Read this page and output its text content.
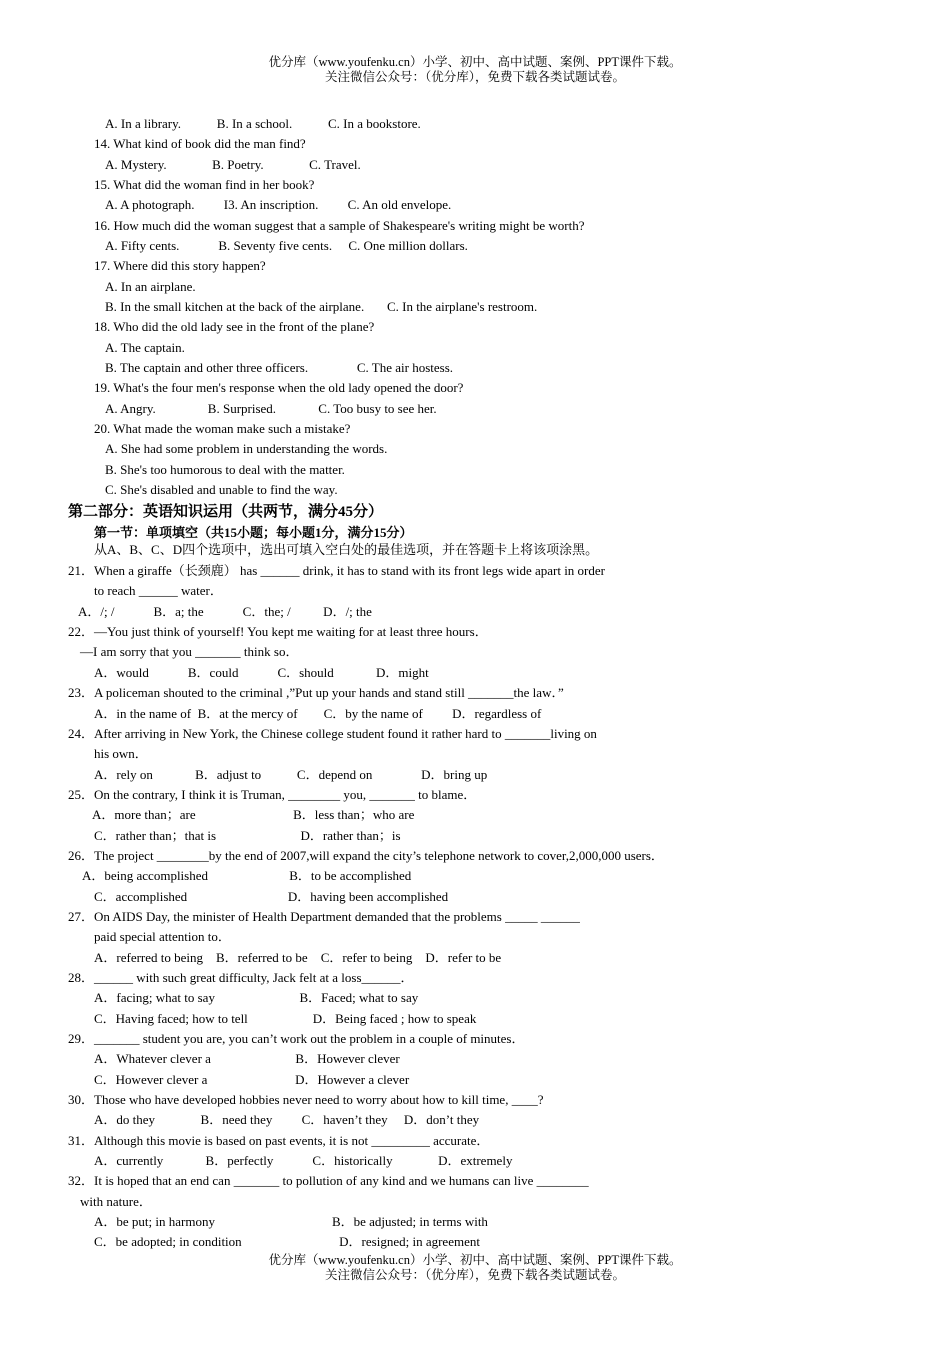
优分库（www.youfenku.cn）小学、初中、高中试题、案例、PPT课件下载。
关注微信公众号：（优分库），免费下载各类试题试卷。
A. In a library.           B. In a school.           C. In a bookstore.
14. What kind of book did the man find?
A. Mystery.              B. Poetry.              C. Travel.
15. What did the woman find in her book?
A. A photograph.         I3. An inscription.         C. An old envelope.
16. How much did the woman suggest that a sample of Shakespeare's writing might be worth?
A. Fifty cents.            B. Seventy five cents.     C. One million dollars.
17. Where did this story happen?
A. In an airplane.
B. In the small kitchen at the back of the airplane.       C. In the airplane's restroom.
18. Who did the old lady see in the front of the plane?
A. The captain.
B. The captain and other three officers.               C. The air hostess.
19. What's the four men's response when the old lady opened the door?
A. Angry.                B. Surprised.             C. Too busy to see her.
20. What made the woman make such a mistake?
A. She had some problem in understanding the words.
B. She's too humorous to deal with the matter.
C. She's disabled and unable to find the way.
第二部分：英语知识运用（共两节，满分45分）
第一节：单项填空（共15小题；每小题1分，满分15分）
从A、B、C、D四个选项中，选出可填入空白处的最佳选项，并在答题卡上将该项涂黑。
21．When a giraffe（长颈鹿） has ______ drink, it has to stand with its front legs wide apart in order
to reach ______ water．
A．/; /            B．a; the            C．the; /          D．/; the
22．—You just think of yourself! You kept me waiting for at least three hours．
—I am sorry that you _______ think so．
A．would            B．could            C．should             D．might
23．A policeman shouted to the criminal ,”Put up your hands and stand still _______the law．”
A．in the name of  B．at the mercy of        C．by the name of         D．regardless of
24．After arriving in New York, the Chinese college student found it rather hard to _______living on
his own．
A．rely on             B．adjust to           C．depend on               D．bring up
25．On the contrary, I think it is Truman, ________ you, _______ to blame．
A．more than；are                              B．less than；who are
C．rather than；that is                          D．rather than；is
26．The project ________by the end of 2007,will expand the city’s telephone network to cover,2,000,000 users．
A．being accomplished                         B．to be accomplished
C．accomplished                               D．having been accomplished
27．On AIDS Day, the minister of Health Department demanded that the problems _____ ______
paid special attention to．
A．referred to being    B．referred to be    C．refer to being    D．refer to be
28．______ with such great difficulty, Jack felt at a loss______．
A．facing; what to say                          B．Faced; what to say
C．Having faced; how to tell                    D．Being faced ; how to speak
29．_______ student you are, you can’t work out the problem in a couple of minutes．
A．Whatever clever a                          B．However clever
C．However clever a                           D．However a clever
30．Those who have developed hobbies never need to worry about how to kill time, ____?
A．do they              B．need they         C．haven’t they     D．don’t they
31．Although this movie is based on past events, it is not _________ accurate．
A．currently             B．perfectly            C．historically              D．extremely
32．It is hoped that an end can _______ to pollution of any kind and we humans can live ________
with nature．
A．be put; in harmony                                    B．be adjusted; in terms with
C．be adopted; in condition                              D．resigned; in agreement
优分库（www.youfenku.cn）小学、初中、高中试题、案例、PPT课件下载。
关注微信公众号：（优分库），免费下载各类试题试卷。
